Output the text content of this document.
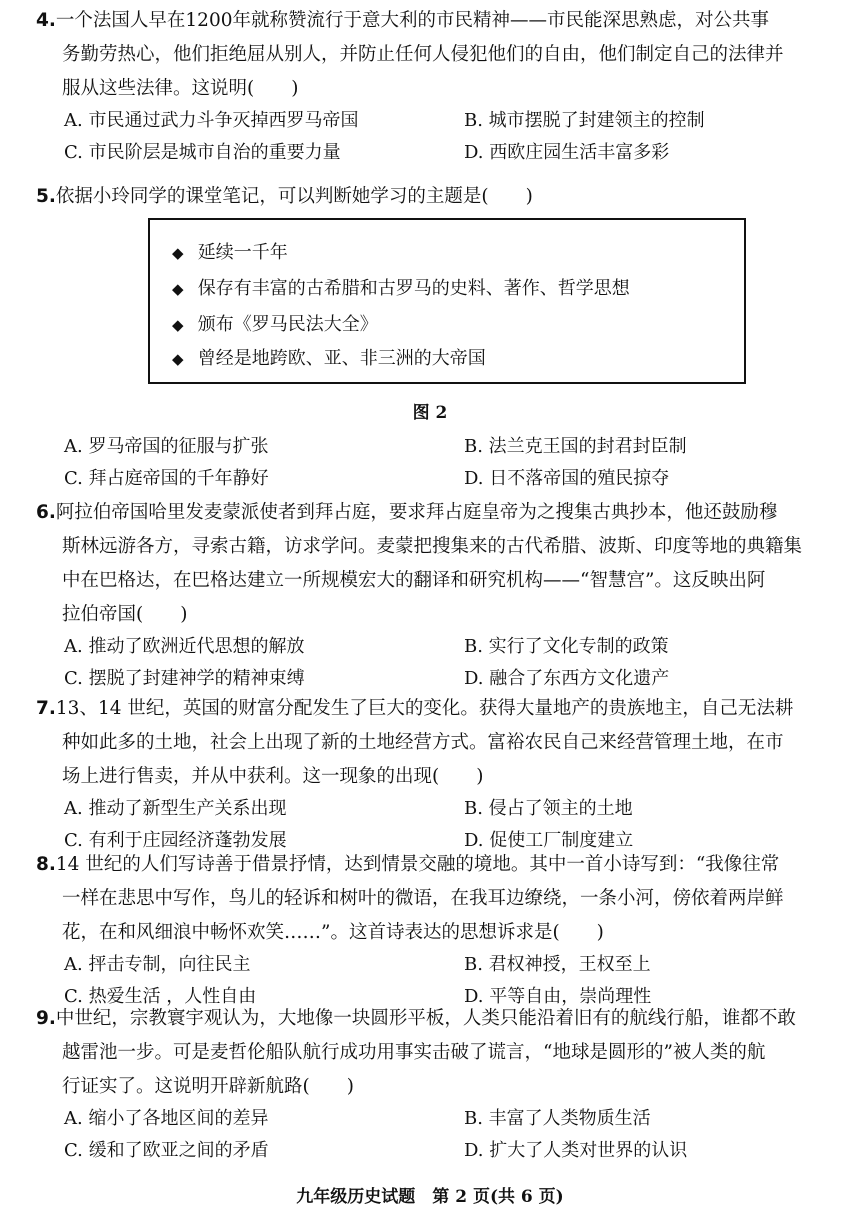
4.一个法国人早在1200年就称赞流行于意大利的市民精神——市民能深思熟虑，对公共事
务勤劳热心，他们拒绝屈从别人，并防止任何人侵犯他们的自由，他们制定自己的法律并
服从这些法律。这说明(　　)
A. 市民通过武力斗争灭掉西罗马帝国	B. 城市摆脱了封建领主的控制
C. 市民阶层是城市自治的重要力量	D. 西欧庄园生活丰富多彩
5.依据小玲同学的课堂笔记，可以判断她学习的主题是(　　)
◆ 延续一千年
◆ 保存有丰富的古希腊和古罗马的史料、著作、哲学思想
◆ 颁布《罗马民法大全》
◆ 曾经是地跨欧、亚、非三洲的大帝国
图 2
A. 罗马帝国的征服与扩张	B. 法兰克王国的封君封臣制
C. 拜占庭帝国的千年静好	D. 日不落帝国的殖民掠夺
6.阿拉伯帝国哈里发麦蒙派使者到拜占庭，要求拜占庭皇帝为之搜集古典抄本，他还鼓励穆
斯林远游各方，寻索古籍，访求学问。麦蒙把搜集来的古代希腊、波斯、印度等地的典籍集
中在巴格达，在巴格达建立一所规模宏大的翻译和研究机构——“智慧宫”。这反映出阿
拉伯帝国(　　)
A. 推动了欧洲近代思想的解放	B. 实行了文化专制的政策
C. 摆脱了封建神学的精神束缚	D. 融合了东西方文化遗产
7.13、14 世纪，英国的财富分配发生了巨大的变化。获得大量地产的贵族地主，自己无法耕
种如此多的土地，社会上出现了新的土地经营方式。富裕农民自己来经营管理土地，在市
场上进行售卖，并从中获利。这一现象的出现(　　)
A. 推动了新型生产关系出现	B. 侵占了领主的土地
C. 有利于庄园经济蓬勃发展	D. 促使工厂制度建立
8.14 世纪的人们写诗善于借景抒情，达到情景交融的境地。其中一首小诗写到：“我像往常
一样在悲思中写作，鸟儿的轻诉和树叶的微语，在我耳边缭绕，一条小河，傍依着两岸鲜
花，在和风细浪中畅怀欢笑……”。这首诗表达的思想诉求是(　　)
A. 抨击专制，向往民主	B. 君权神授，王权至上
C. 热爱生活 ，人性自由	D. 平等自由，崇尚理性
9.中世纪，宗教寰宇观认为，大地像一块圆形平板，人类只能沿着旧有的航线行船，谁都不敢
越雷池一步。可是麦哲伦船队航行成功用事实击破了谎言，“地球是圆形的”被人类的航
行证实了。这说明开辟新航路(　　)
A. 缩小了各地区间的差异	B. 丰富了人类物质生活
C. 缓和了欧亚之间的矛盾	D. 扩大了人类对世界的认识
九年级历史试题　第 2 页(共 6 页)
